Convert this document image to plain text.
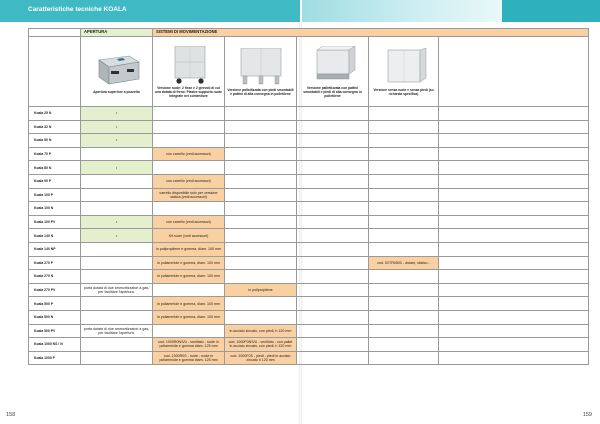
Caratteristiche tecniche KOALA
	APERTURA	SISTEMI DI MOVIMENTAZIONE				

	Apertura superiore a pozzetto	Versione ruote: 2 fisse e 2 girevoli di cui una dotata di freno. Piastre supporto ruote integrate nel contenitore	Versione pallettizzata con piedi smontabili e pattini di alta consegna in polietilene	Versione pallettizzata con pattini smontabili e piedi di alta consegna in polietilene	Versione senza ruote e senza piedi (su richiesta specifica)	

Koala 25 N	•					
Koala 32 N	•					
Koala 50 N	•					
Koala 70 P		con carrello (vedi accessori)				
Koala 80 N	•					
Koala 90 P		con carrello (vedi accessori)				
Koala 100 P		carrello disponibile solo per versione statica (vedi accessori)				
Koala 100 N						
Koala 100 PV	•	con carrello (vedi accessori)				
Koala 140 N	•	Kit ruote (vedi accessori)				
Koala 140 NP		in polipropilene e gomma, diam. 100 mm				
Koala 270 P		in poliammide e gomma, diam. 100 mm			cod. 02TR0500 - dotare, statico -	
Koala 270 N		in poliammide e gomma, diam. 100 mm				
Koala 270 PV	porta dotata di due ammortizzatori a gas, per facilitare l'apertura.		in polipropilene			
Koala 500 P		in poliammide e gomma, diam. 100 mm				
Koala 500 N		in poliammide e gomma, diam. 100 mm				
Koala 500 PV	porta dotata di due ammortizzatori a gas, per facilitare l'apertura.		in acciaio zincato, con piedi, h 120 mm			
Koala 1000 NS / N		cod. 1000R0NS/U - ventilato - ruote in poliammide e gomma diam. 125 mm	cod. 1000F0NS/U - ventilato - con pallet in acciaio zincato, con piedi, h 120 mm			
Koala 1000 P		cod. 1000R0S - ruote - ruote in poliammide e gomma diam. 125 mm	cod. 1000F0S - piedi - piedi in acciaio zincato h 120 mm			
158	159
